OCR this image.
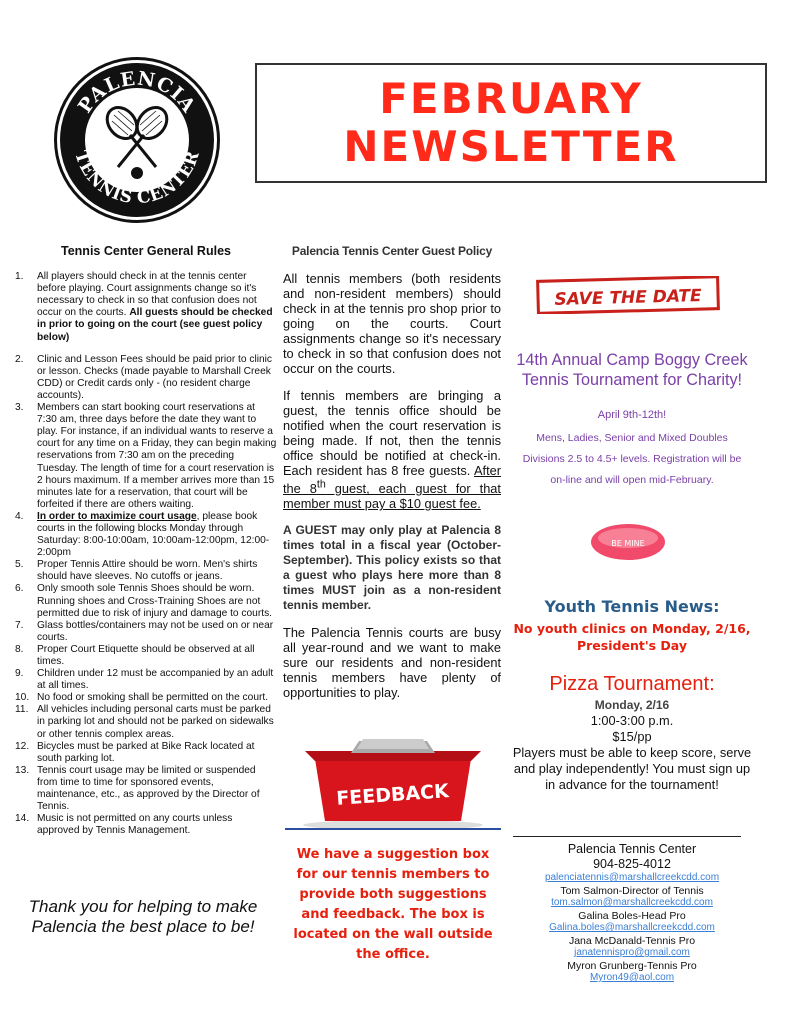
PALENCIA
TENNIS CENTER
FEBRUARY
NEWSLETTER
Tennis Center General Rules
1. All players should check in at the tennis center before playing. Court assignments change so it's necessary to check in so that confusion does not occur on the courts. All guests should be checked in prior to going on the court (see guest policy below)
2. Clinic and Lesson Fees should be paid prior to clinic or lesson. Checks (made payable to Marshall Creek CDD) or Credit cards only - (no resident charge accounts).
3. Members can start booking court reservations at 7:30 am, three days before the date they want to play. For instance, if an individual wants to reserve a court for any time on a Friday, they can begin making reservations from 7:30 am on the preceding Tuesday. The length of time for a court reservation is 2 hours maximum. If a member arrives more than 15 minutes late for a reservation, that court will be forfeited if there are others waiting.
4. In order to maximize court usage, please book courts in the following blocks Monday through Saturday: 8:00-10:00am, 10:00am-12:00pm, 12:00-2:00pm
5. Proper Tennis Attire should be worn. Men's shirts should have sleeves. No cutoffs or jeans.
6. Only smooth sole Tennis Shoes should be worn. Running shoes and Cross-Training Shoes are not permitted due to risk of injury and damage to courts.
7. Glass bottles/containers may not be used on or near courts.
8. Proper Court Etiquette should be observed at all times.
9. Children under 12 must be accompanied by an adult at all times.
10. No food or smoking shall be permitted on the court.
11. All vehicles including personal carts must be parked in parking lot and should not be parked on sidewalks or other tennis complex areas.
12. Bicycles must be parked at Bike Rack located at south parking lot.
13. Tennis court usage may be limited or suspended from time to time for sponsored events, maintenance, etc., as approved by the Director of Tennis.
14. Music is not permitted on any courts unless approved by Tennis Management.
Thank you for helping to make Palencia the best place to be!
Palencia Tennis Center Guest Policy

All tennis members (both residents and non-resident members) should check in at the tennis pro shop prior to going on the courts. Court assignments change so it's necessary to check in so that confusion does not occur on the courts.

If tennis members are bringing a guest, the tennis office should be notified when the court reservation is being made. If not, then the tennis office should be notified at check-in. Each resident has 8 free guests. After the 8th guest, each guest for that member must pay a $10 guest fee.

A GUEST may only play at Palencia 8 times total in a fiscal year (October-September). This policy exists so that a guest who plays here more than 8 times MUST join as a non-resident tennis member.

The Palencia Tennis courts are busy all year-round and we want to make sure our residents and non-resident tennis members have plenty of opportunities to play.

FEEDBACK
We have a suggestion box for our tennis members to provide both suggestions and feedback. The box is located on the wall outside the office.
SAVE THE DATE
14th Annual Camp Boggy Creek Tennis Tournament for Charity!
April 9th-12th!
Mens, Ladies, Senior and Mixed Doubles Divisions 2.5 to 4.5+ levels. Registration will be on-line and will open mid-February.
BE MINE
Youth Tennis News:
No youth clinics on Monday, 2/16, President's Day
Pizza Tournament:
Monday, 2/16
1:00-3:00 p.m.
$15/pp
Players must be able to keep score, serve and play independently! You must sign up in advance for the tournament!
Palencia Tennis Center
904-825-4012
palenciatennis@marshallcreekcdd.com
Tom Salmon-Director of Tennis
tom.salmon@marshallcreekcdd.com
Galina Boles-Head Pro
Galina.boles@marshallcreekcdd.com
Jana McDanald-Tennis Pro
janatennispro@gmail.com
Myron Grunberg-Tennis Pro
Myron49@aol.com
